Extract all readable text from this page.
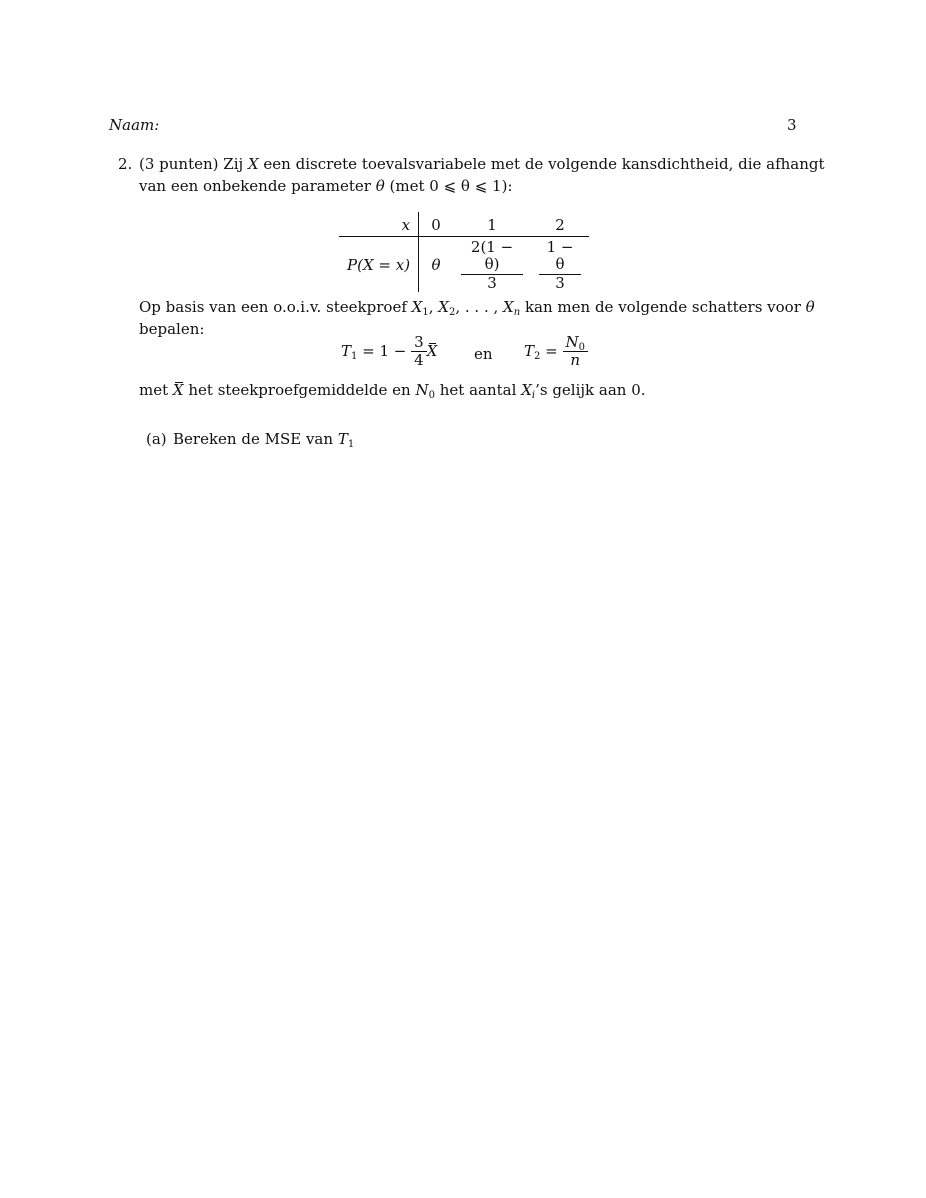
Naam:	3
2. (3 punten) Zij X een discrete toevalsvariabele met de volgende kansdichtheid, die afhangt
van een onbekende parameter θ (met 0 ⩽ θ ⩽ 1):
x	0	1	2
P(X = x)	θ	$\frac{2(1 - \theta)}{3}$	$\frac{1 - \theta}{3}$
Op basis van een o.o.i.v. steekproef $X_1$, $X_2$, . . . , $X_n$ kan men de volgende schatters voor θ
bepalen:
$T_1 = 1 - \frac{3}{4}$ X en $T_2 = \frac{N_0}{n}$
met X het steekproefgemiddelde en $N_0$ het aantal $X_i’s$ gelijk aan 0.
(a) Bereken de MSE van $T_1$
